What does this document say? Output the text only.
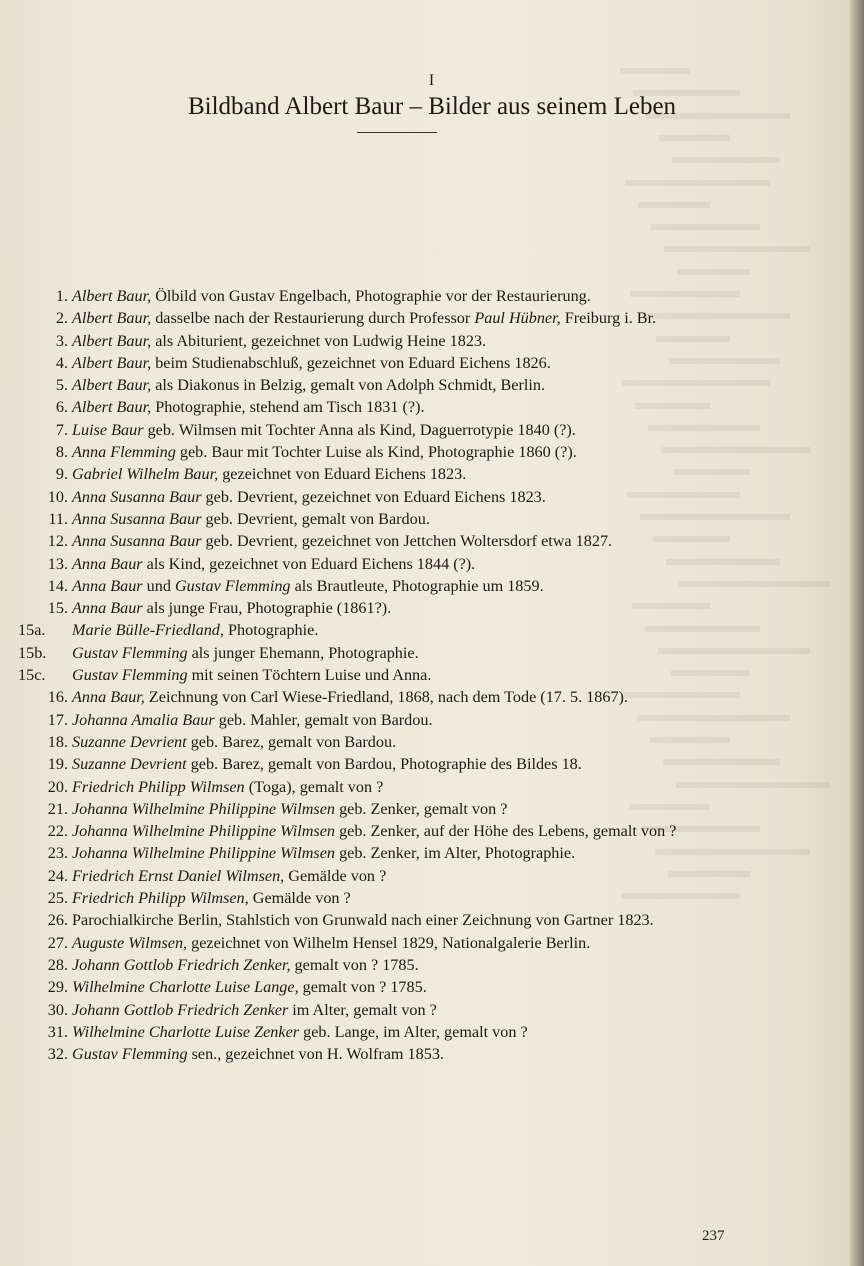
I
Bildband Albert Baur – Bilder aus seinem Leben
1. Albert Baur, Ölbild von Gustav Engelbach, Photographie vor der Restaurierung.
2. Albert Baur, dasselbe nach der Restaurierung durch Professor Paul Hübner, Freiburg i. Br.
3. Albert Baur, als Abiturient, gezeichnet von Ludwig Heine 1823.
4. Albert Baur, beim Studienabschluß, gezeichnet von Eduard Eichens 1826.
5. Albert Baur, als Diakonus in Belzig, gemalt von Adolph Schmidt, Berlin.
6. Albert Baur, Photographie, stehend am Tisch 1831 (?).
7. Luise Baur geb. Wilmsen mit Tochter Anna als Kind, Daguerrotypie 1840 (?).
8. Anna Flemming geb. Baur mit Tochter Luise als Kind, Photographie 1860 (?).
9. Gabriel Wilhelm Baur, gezeichnet von Eduard Eichens 1823.
10. Anna Susanna Baur geb. Devrient, gezeichnet von Eduard Eichens 1823.
11. Anna Susanna Baur geb. Devrient, gemalt von Bardou.
12. Anna Susanna Baur geb. Devrient, gezeichnet von Jettchen Woltersdorf etwa 1827.
13. Anna Baur als Kind, gezeichnet von Eduard Eichens 1844 (?).
14. Anna Baur und Gustav Flemming als Brautleute, Photographie um 1859.
15. Anna Baur als junge Frau, Photographie (1861?).
15a.	Marie Bülle-Friedland, Photographie.
15b.	Gustav Flemming als junger Ehemann, Photographie.
15c.	Gustav Flemming mit seinen Töchtern Luise und Anna.
16. Anna Baur, Zeichnung von Carl Wiese-Friedland, 1868, nach dem Tode (17. 5. 1867).
17. Johanna Amalia Baur geb. Mahler, gemalt von Bardou.
18. Suzanne Devrient geb. Barez, gemalt von Bardou.
19. Suzanne Devrient geb. Barez, gemalt von Bardou, Photographie des Bildes 18.
20. Friedrich Philipp Wilmsen (Toga), gemalt von ?
21. Johanna Wilhelmine Philippine Wilmsen geb. Zenker, gemalt von ?
22. Johanna Wilhelmine Philippine Wilmsen geb. Zenker, auf der Höhe des Lebens, gemalt von ?
23. Johanna Wilhelmine Philippine Wilmsen geb. Zenker, im Alter, Photographie.
24. Friedrich Ernst Daniel Wilmsen, Gemälde von ?
25. Friedrich Philipp Wilmsen, Gemälde von ?
26. Parochialkirche Berlin, Stahlstich von Grunwald nach einer Zeichnung von Gartner 1823.
27. Auguste Wilmsen, gezeichnet von Wilhelm Hensel 1829, Nationalgalerie Berlin.
28. Johann Gottlob Friedrich Zenker, gemalt von ? 1785.
29. Wilhelmine Charlotte Luise Lange, gemalt von ? 1785.
30. Johann Gottlob Friedrich Zenker im Alter, gemalt von ?
31. Wilhelmine Charlotte Luise Zenker geb. Lange, im Alter, gemalt von ?
32. Gustav Flemming sen., gezeichnet von H. Wolfram 1853.
237
